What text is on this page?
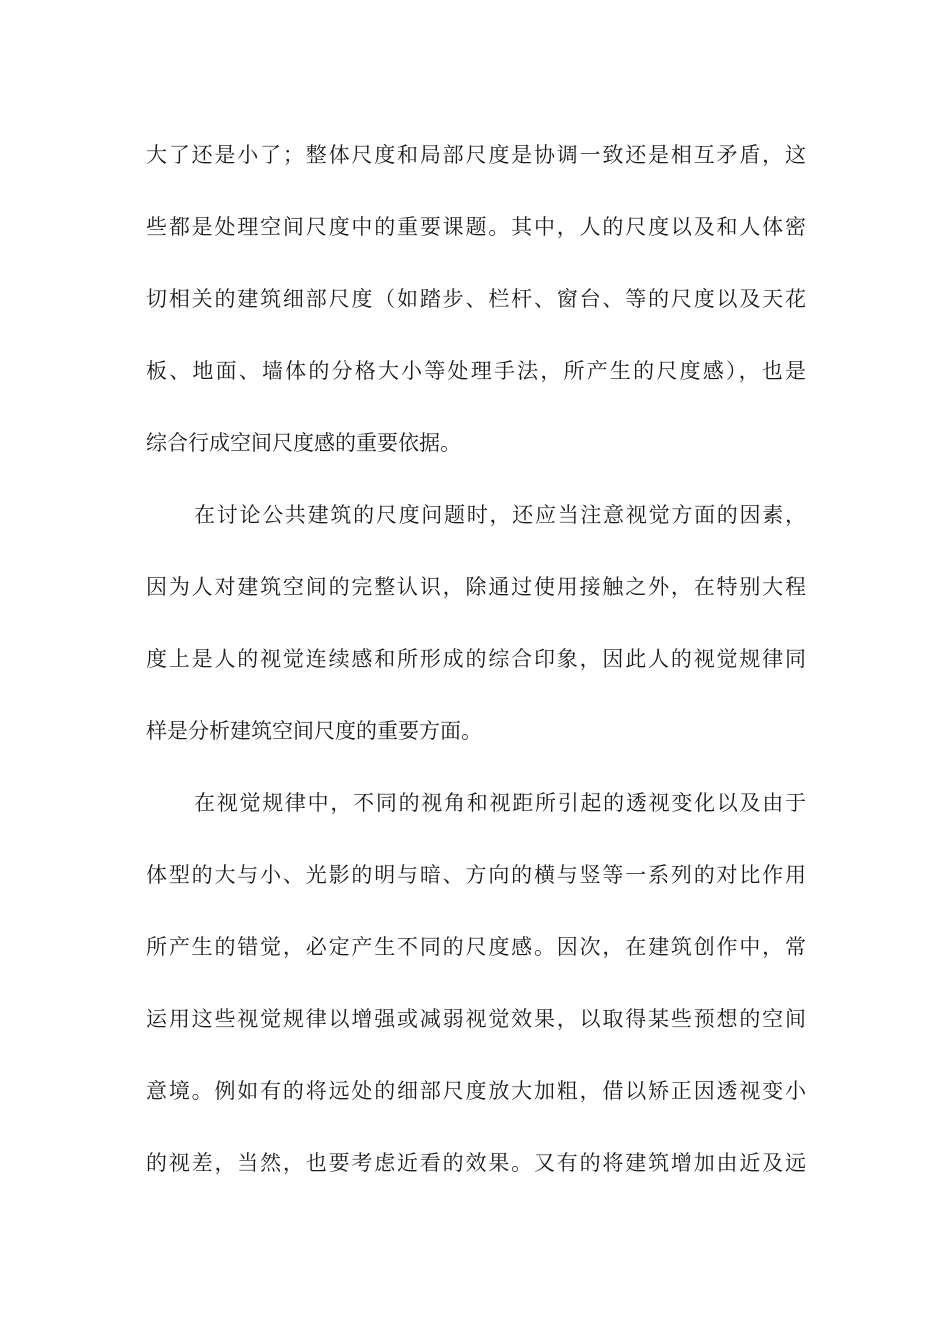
大了还是小了；整体尺度和局部尺度是协调一致还是相互矛盾，这
些都是处理空间尺度中的重要课题。其中，人的尺度以及和人体密
切相关的建筑细部尺度（如踏步、栏杆、窗台、等的尺度以及天花
板、地面、墙体的分格大小等处理手法，所产生的尺度感），也是
综合行成空间尺度感的重要依据。
在讨论公共建筑的尺度问题时，还应当注意视觉方面的因素，
因为人对建筑空间的完整认识，除通过使用接触之外，在特别大程
度上是人的视觉连续感和所形成的综合印象，因此人的视觉规律同
样是分析建筑空间尺度的重要方面。
在视觉规律中，不同的视角和视距所引起的透视变化以及由于
体型的大与小、光影的明与暗、方向的横与竖等一系列的对比作用
所产生的错觉，必定产生不同的尺度感。因次，在建筑创作中，常
运用这些视觉规律以增强或减弱视觉效果，以取得某些预想的空间
意境。例如有的将远处的细部尺度放大加粗，借以矫正因透视变小
的视差，当然，也要考虑近看的效果。又有的将建筑增加由近及远
